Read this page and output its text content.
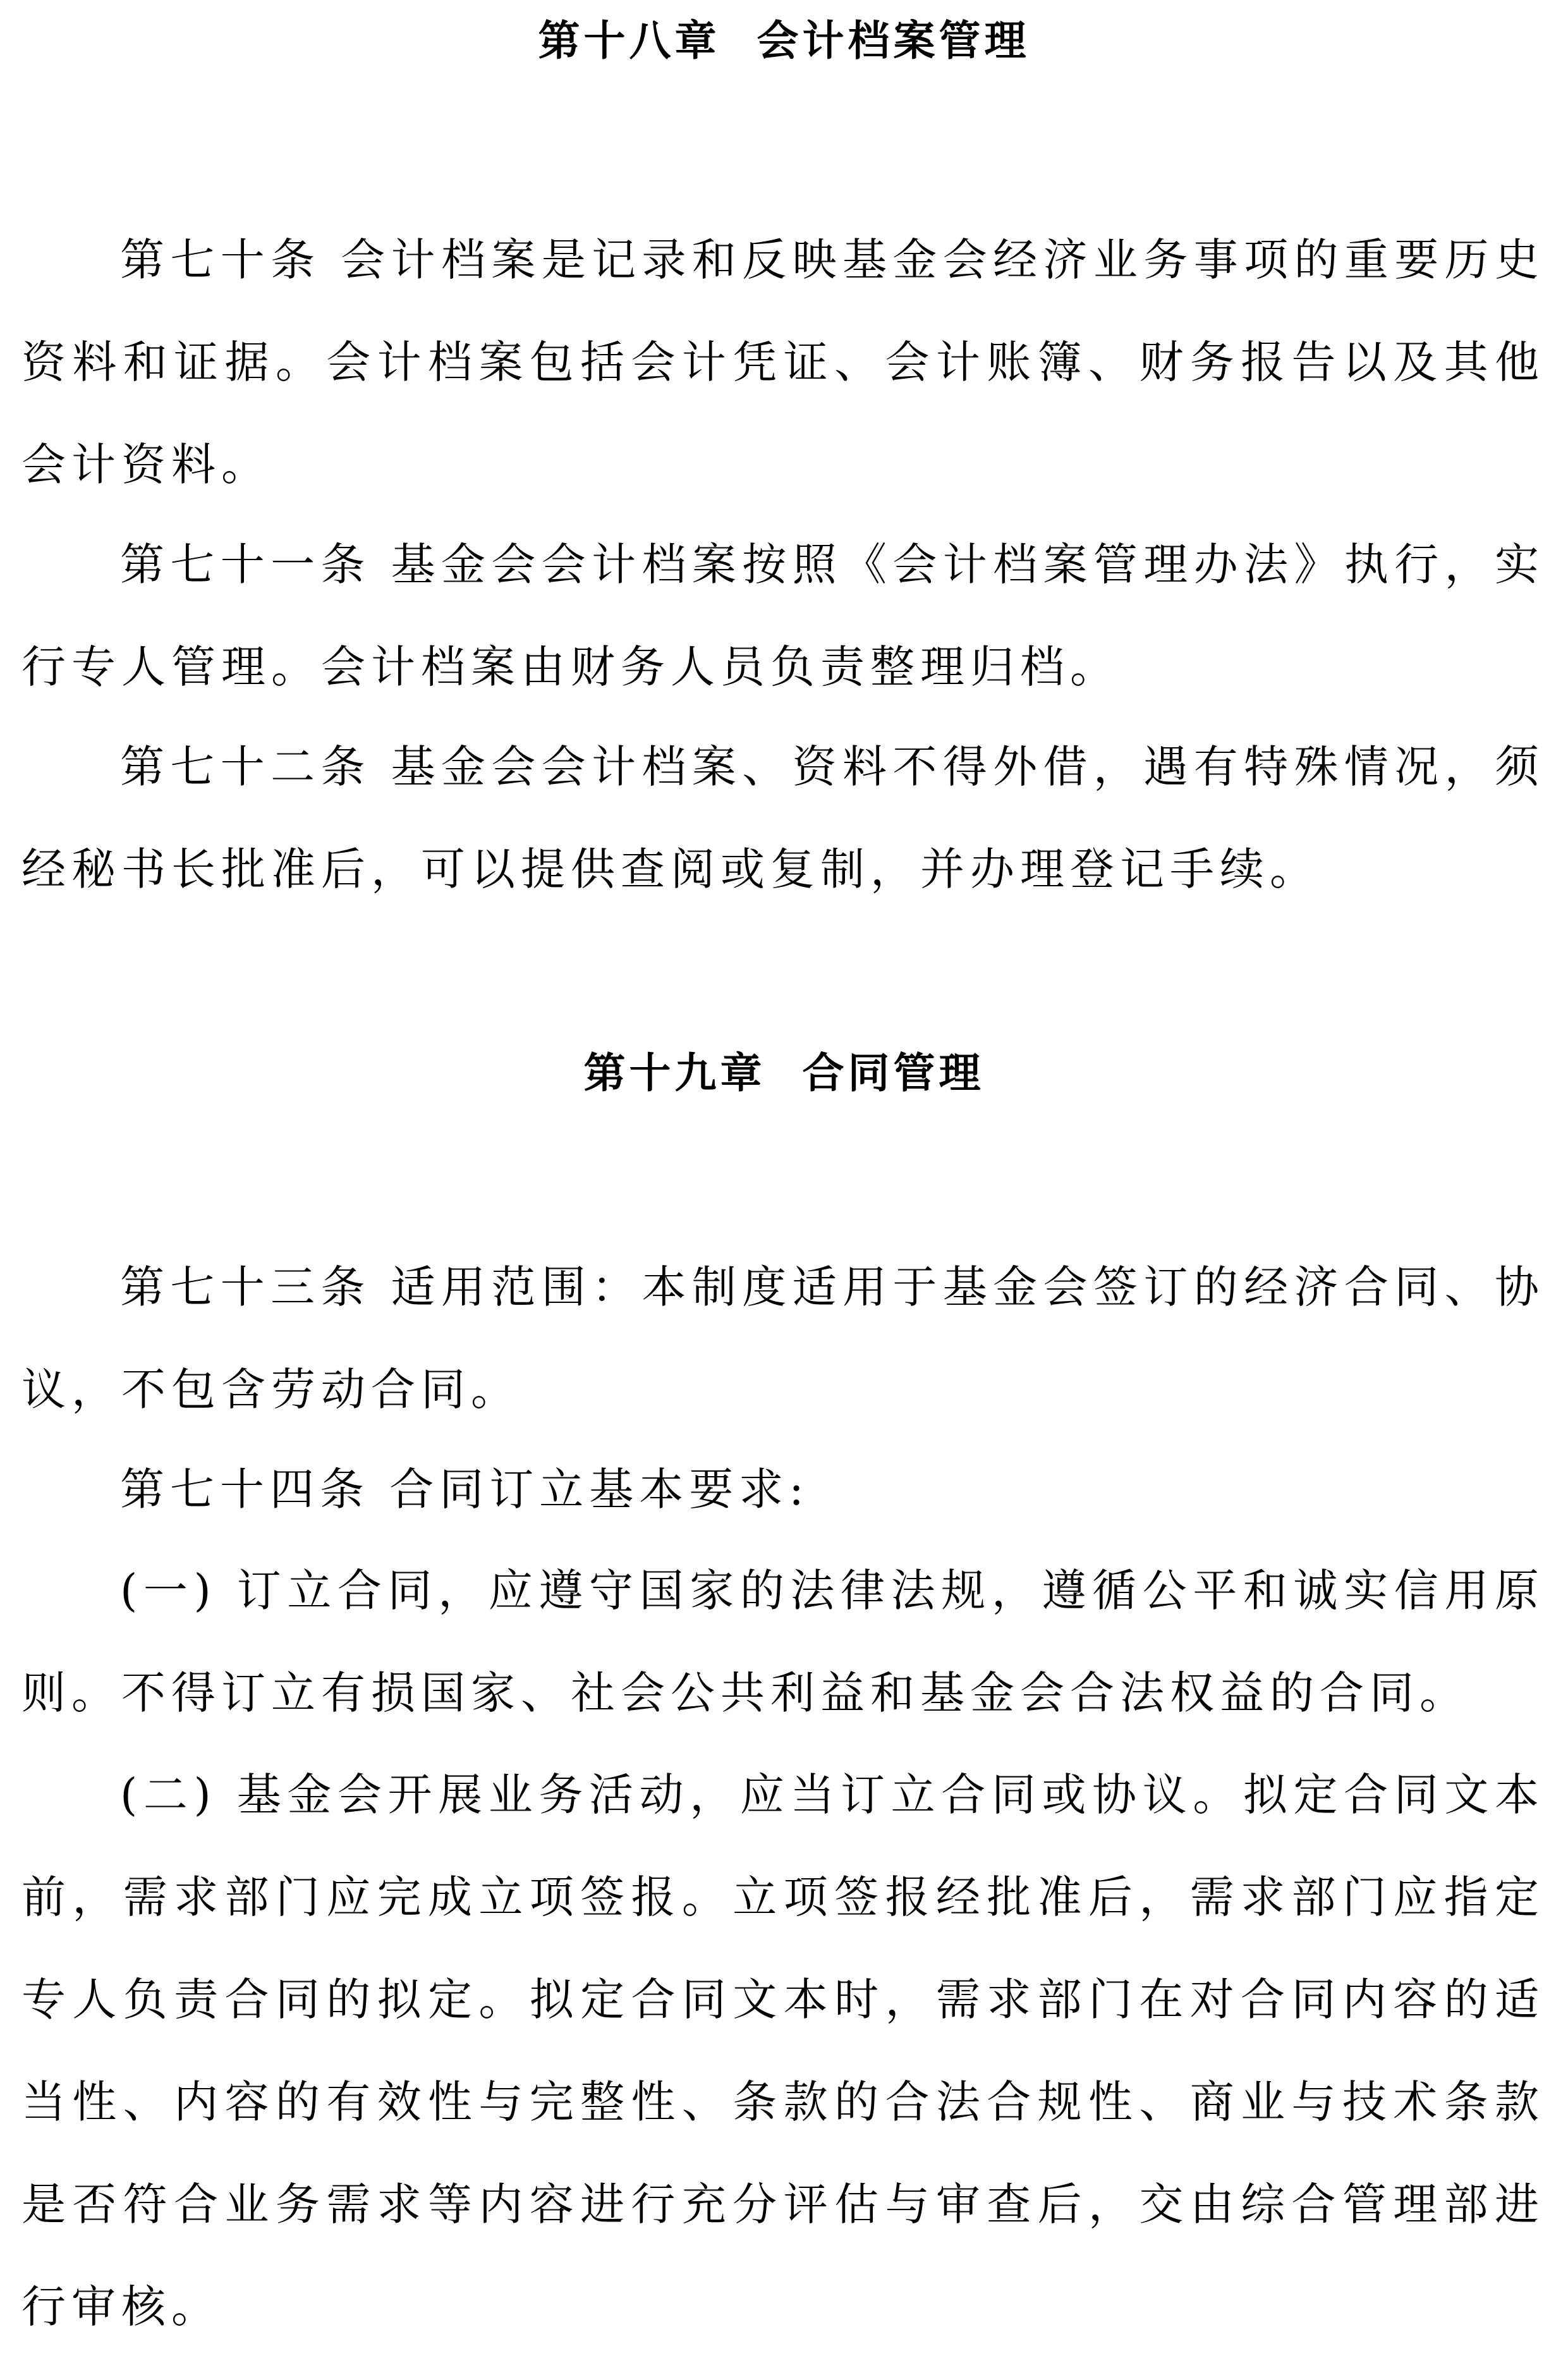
第十八章  会计档案管理

第七十条 会计档案是记录和反映基金会经济业务事项的重要历史资料和证据。会计档案包括会计凭证、会计账簿、财务报告以及其他会计资料。

第七十一条 基金会会计档案按照《会计档案管理办法》执行，实行专人管理。会计档案由财务人员负责整理归档。

第七十二条 基金会会计档案、资料不得外借，遇有特殊情况，须经秘书长批准后，可以提供查阅或复制，并办理登记手续。

第十九章  合同管理

第七十三条 适用范围：本制度适用于基金会签订的经济合同、协议，不包含劳动合同。

第七十四条 合同订立基本要求:

(一) 订立合同，应遵守国家的法律法规，遵循公平和诚实信用原则。不得订立有损国家、社会公共利益和基金会合法权益的合同。

(二) 基金会开展业务活动，应当订立合同或协议。拟定合同文本前，需求部门应完成立项签报。立项签报经批准后，需求部门应指定专人负责合同的拟定。拟定合同文本时，需求部门在对合同内容的适当性、内容的有效性与完整性、条款的合法合规性、商业与技术条款是否符合业务需求等内容进行充分评估与审查后，交由综合管理部进行审核。
